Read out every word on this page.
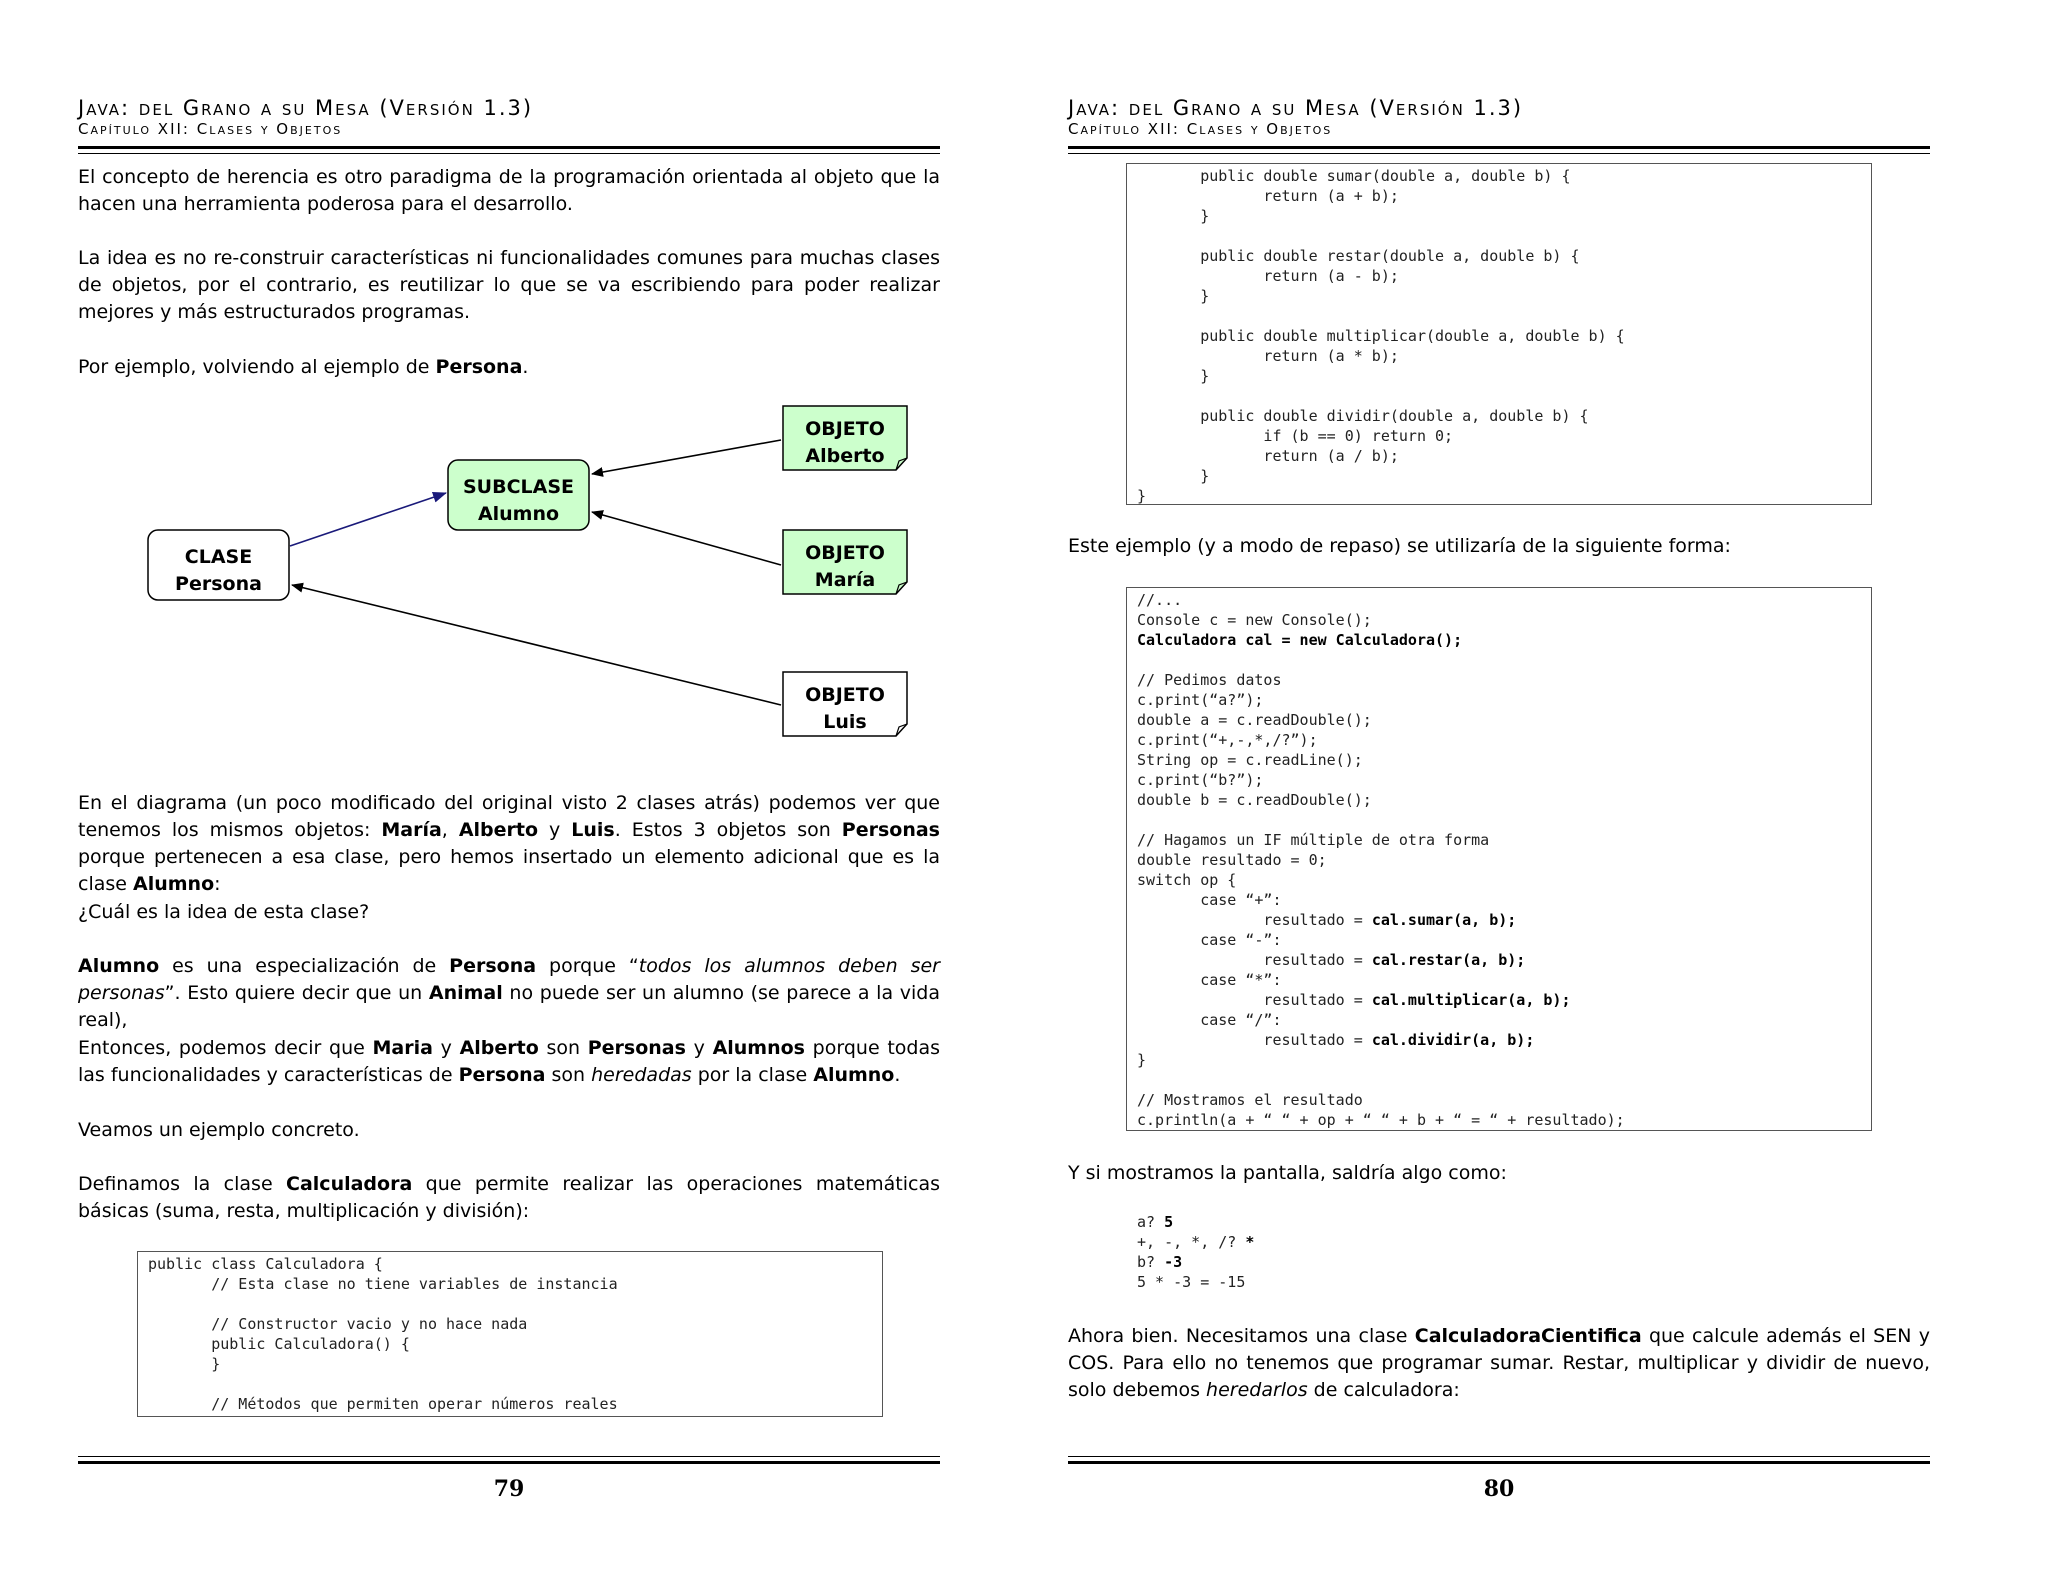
Java: del Grano a su Mesa (Versión 1.3)
Capítulo XII: Clases y Objetos

El concepto de herencia es otro paradigma de la programación orientada al objeto que la hacen una herramienta poderosa para el desarrollo.

La idea es no re-construir características ni funcionalidades comunes para muchas clases de objetos, por el contrario, es reutilizar lo que se va escribiendo para poder realizar mejores y más estructurados programas.

Por ejemplo, volviendo al ejemplo de Persona.

CLASE
Persona
SUBCLASE
Alumno
OBJETO
Alberto
OBJETO
María
OBJETO
Luis

En el diagrama (un poco modificado del original visto 2 clases atrás) podemos ver que tenemos los mismos objetos: María, Alberto y Luis. Estos 3 objetos son Personas porque pertenecen a esa clase, pero hemos insertado un elemento adicional que es la clase Alumno:

¿Cuál es la idea de esta clase?

Alumno es una especialización de Persona porque “todos los alumnos deben ser personas”. Esto quiere decir que un Animal no puede ser un alumno (se parece a la vida real),

Entonces, podemos decir que Maria y Alberto son Personas y Alumnos porque todas las funcionalidades y características de Persona son heredadas por la clase Alumno.

Veamos un ejemplo concreto.

Definamos la clase Calculadora que permite realizar las operaciones matemáticas básicas (suma, resta, multiplicación y división):

public class Calculadora {
// Esta clase no tiene variables de instancia
// Constructor vacio y no hace nada
public Calculadora() {
}
// Métodos que permiten operar números reales
79
Java: del Grano a su Mesa (Versión 1.3)
Capítulo XII: Clases y Objetos
public double sumar(double a, double b) {
return (a + b);
}
public double restar(double a, double b) {
return (a - b);
}
public double multiplicar(double a, double b) {
return (a * b);
}
public double dividir(double a, double b) {
if (b == 0) return 0;
return (a / b);
}
}

Este ejemplo (y a modo de repaso) se utilizaría de la siguiente forma:

//...
Console c = new Console();
Calculadora cal = new Calculadora();
// Pedimos datos
c.print(“a?”);
double a = c.readDouble();
c.print(“+,-,*,/?”);
String op = c.readLine();
c.print(“b?”);
double b = c.readDouble();
// Hagamos un IF múltiple de otra forma
double resultado = 0;
switch op {
case “+”:
resultado = cal.sumar(a, b);
case “-”:
resultado = cal.restar(a, b);
case “*”:
resultado = cal.multiplicar(a, b);
case “/”:
resultado = cal.dividir(a, b);
}
// Mostramos el resultado
c.println(a + “ “ + op + “ “ + b + “ = “ + resultado);

Y si mostramos la pantalla, saldría algo como:

a? 5
+, -, *, /? *
b? -3
5 * -3 = -15

Ahora bien. Necesitamos una clase CalculadoraCientifica que calcule además el SEN y COS. Para ello no tenemos que programar sumar. Restar, multiplicar y dividir de nuevo, solo debemos heredarlos de calculadora:

80
